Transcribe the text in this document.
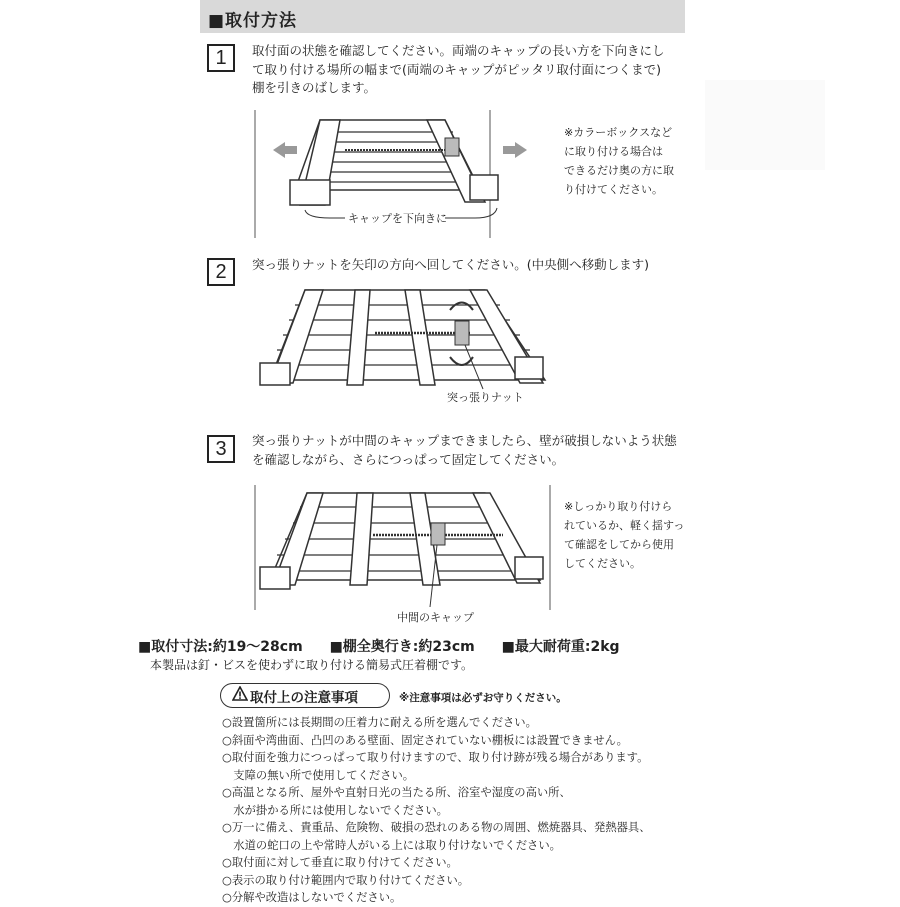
■取付方法
1	取付面の状態を確認してください。両端のキャップの長い方を下向きにし
て取り付ける場所の幅まで(両端のキャップがピッタリ取付面につくまで)
棚を引きのばします。
キャップを下向きに
※カラーボックスなど
に取り付ける場合は
できるだけ奥の方に取
り付けてください。
2	突っ張りナットを矢印の方向へ回してください。(中央側へ移動します)
突っ張りナット
3	突っ張りナットが中間のキャップまできましたら、壁が破損しないよう状態
を確認しながら、さらにつっぱって固定してください。
中間のキャップ
※しっかり取り付けら
れているか、軽く揺すっ
て確認をしてから使用
してください。
■取付寸法:約19〜28cm ■棚全奥行き:約23cm ■最大耐荷重:2kg
本製品は釘・ビスを使わずに取り付ける簡易式圧着棚です。
取付上の注意事項	※注意事項は必ずお守りください。
○設置箇所には長期間の圧着力に耐える所を選んでください。
○斜面や湾曲面、凸凹のある壁面、固定されていない棚板には設置できません。
○取付面を強力につっぱって取り付けますので、取り付け跡が残る場合があります。
　支障の無い所で使用してください。
○高温となる所、屋外や直射日光の当たる所、浴室や湿度の高い所、
　水が掛かる所には使用しないでください。
○万一に備え、貴重品、危険物、破損の恐れのある物の周囲、燃焼器具、発熱器具、
　水道の蛇口の上や常時人がいる上には取り付けないでください。
○取付面に対して垂直に取り付けてください。
○表示の取り付け範囲内で取り付けてください。
○分解や改造はしないでください。
